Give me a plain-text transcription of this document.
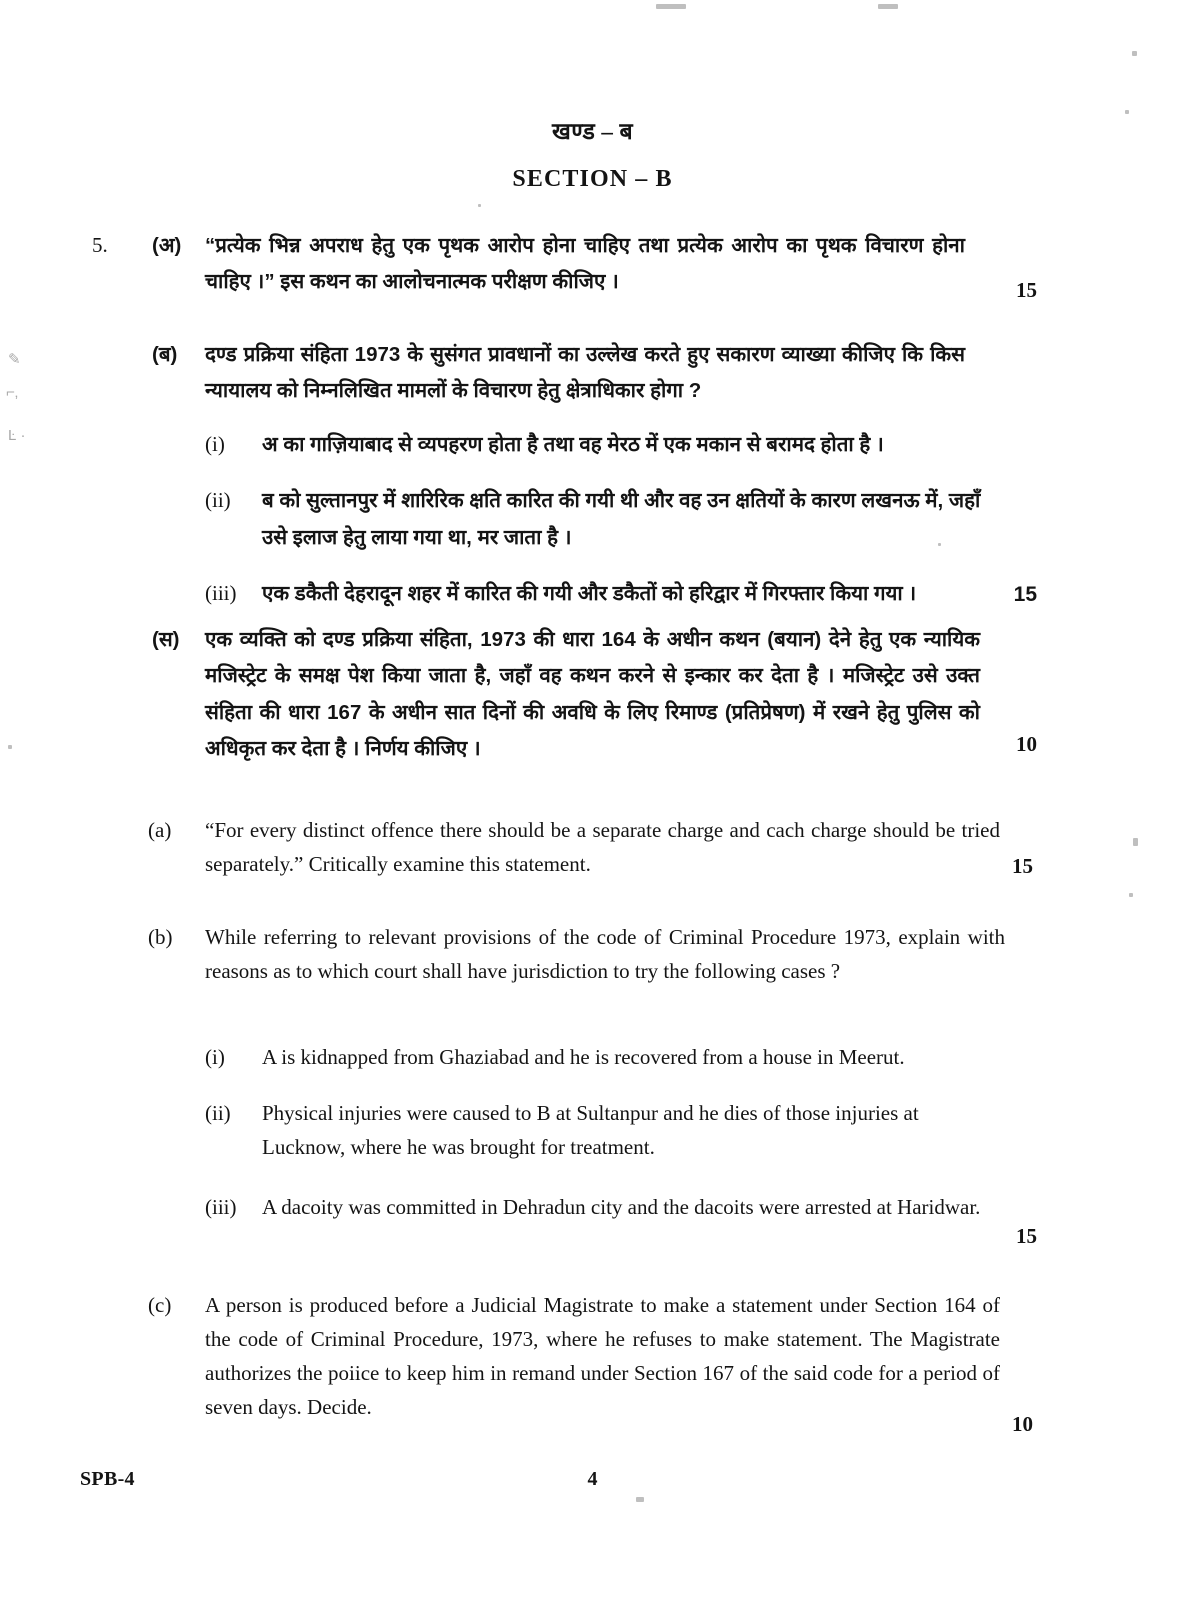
✎
⌐‚
Ŀ ·
खण्ड – ब
SECTION – B
5. (अ) “प्रत्येक भिन्न अपराध हेतु एक पृथक आरोप होना चाहिए तथा प्रत्येक आरोप का पृथक विचारण होना चाहिए ।” इस कथन का आलोचनात्मक परीक्षण कीजिए ।	15
(ब) दण्ड प्रक्रिया संहिता 1973 के सुसंगत प्रावधानों का उल्लेख करते हुए सकारण व्याख्या कीजिए कि किस न्यायालय को निम्नलिखित मामलों के विचारण हेतु क्षेत्राधिकार होगा ?
(i)	अ का गाज़ियाबाद से व्यपहरण होता है तथा वह मेरठ में एक मकान से बरामद होता है ।
(ii)	ब को सुल्तानपुर में शारिरिक क्षति कारित की गयी थी और वह उन क्षतियों के कारण लखनऊ में, जहाँ उसे इलाज हेतु लाया गया था, मर जाता है ।
(iii)	एक डकैती देहरादून शहर में कारित की गयी और डकैतों को हरिद्वार में गिरफ्तार किया गया ।	15
(स) एक व्यक्ति को दण्ड प्रक्रिया संहिता, 1973 की धारा 164 के अधीन कथन (बयान) देने हेतु एक न्यायिक मजिस्ट्रेट के समक्ष पेश किया जाता है, जहाँ वह कथन करने से इन्कार कर देता है । मजिस्ट्रेट उसे उक्त संहिता की धारा 167 के अधीन सात दिनों की अवधि के लिए रिमाण्ड (प्रतिप्रेषण) में रखने हेतु पुलिस को अधिकृत कर देता है । निर्णय कीजिए ।	10
(a) “For every distinct offence there should be a separate charge and cach charge should be tried separately.” Critically examine this statement.	15
(b) While referring to relevant provisions of the code of Criminal Procedure 1973, explain with reasons as to which court shall have jurisdiction to try the following cases ?
(i)	A is kidnapped from Ghaziabad and he is recovered from a house in Meerut.
(ii)	Physical injuries were caused to B at Sultanpur and he dies of those injuries at Lucknow, where he was brought for treatment.
(iii)	A dacoity was committed in Dehradun city and the dacoits were arrested at Haridwar.
15
(c) A person is produced before a Judicial Magistrate to make a statement under Section 164 of the code of Criminal Procedure, 1973, where he refuses to make statement. The Magistrate authorizes the poiice to keep him in remand under Section 167 of the said code for a period of seven days. Decide.
10
SPB-4	4
